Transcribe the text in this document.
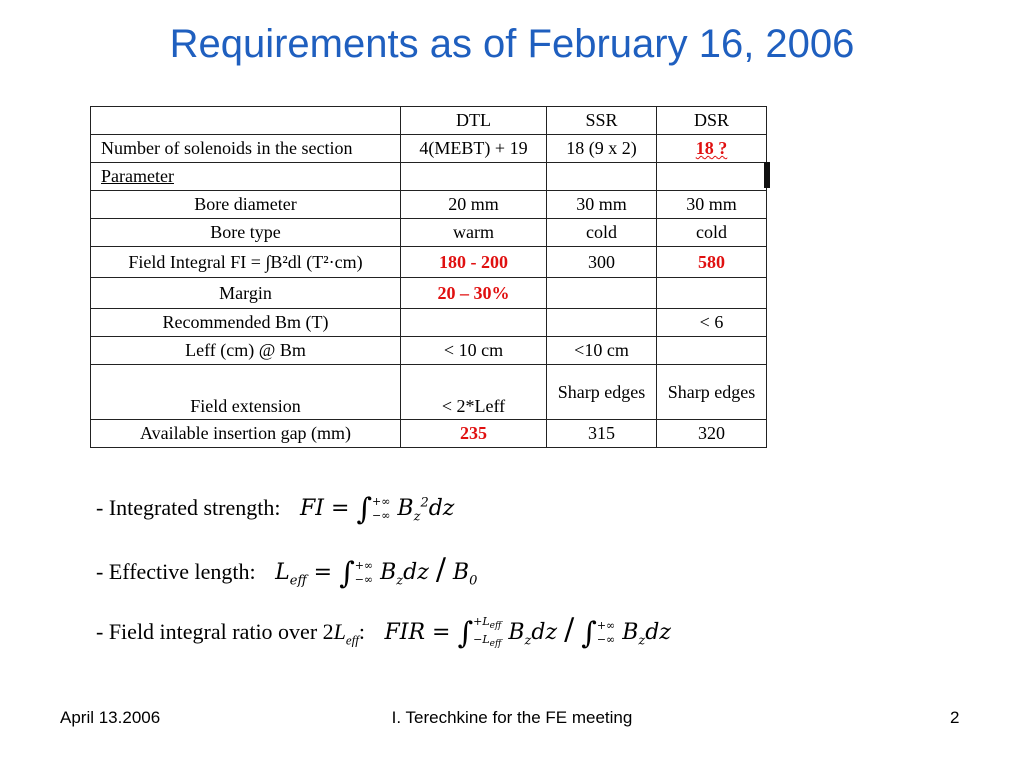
Requirements as of February 16, 2006
	DTL	SSR	DSR
Number of solenoids in the section	4(MEBT) + 19	18 (9 x 2)	18 ?
Parameter			
Bore diameter	20 mm	30 mm	30 mm
Bore type	warm	cold	cold
Field Integral FI = ∫B²dl (T²·cm)	180 - 200	300	580
Margin	20 – 30%		
Recommended Bm (T)			< 6
Leff (cm) @ Bm	< 10 cm	<10 cm	
Field extension	< 2*Leff	Sharp edges	Sharp edges
Available insertion gap (mm)	235	315	320
- Integrated strength: FI = ∫+∞
−∞ $B_z^2dz$
- Effective length: $L_{eff}$ = ∫+∞
−∞ $B_zdz / B_0$
- Field integral ratio over $2L_{eff}$: FIR = $\int+L_{eff}$
$-L_{eff}$ $B_zdz$ / ∫+∞
−∞ $B_zdz$
April 13.2006	I. Terechkine for the FE meeting	2
